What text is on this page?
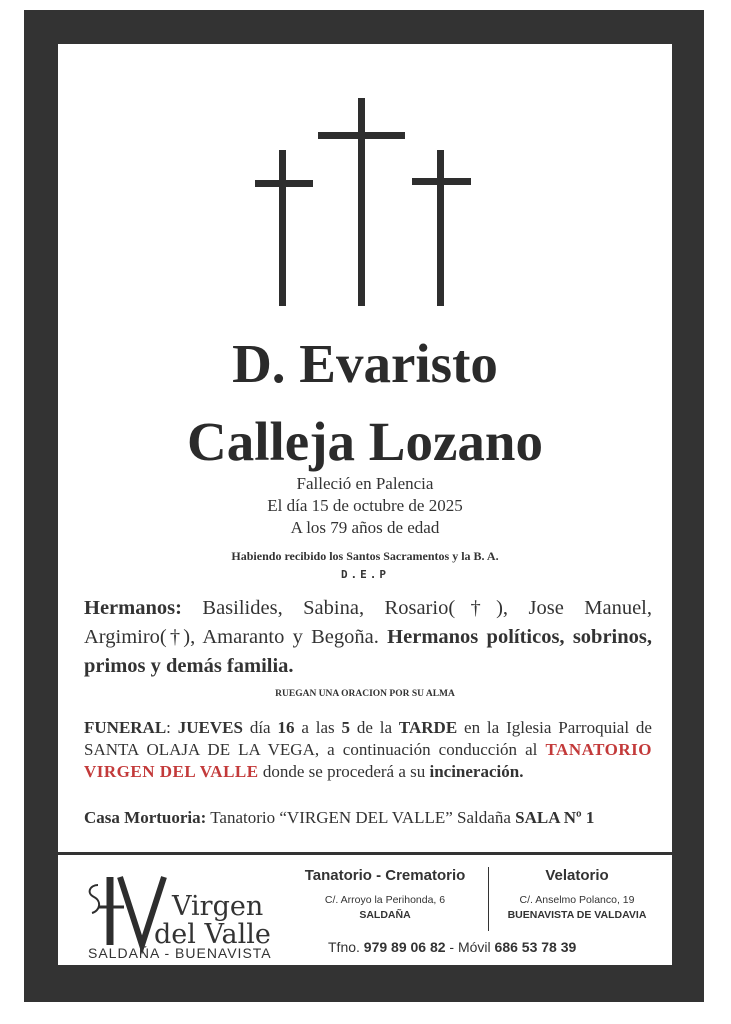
D. Evaristo
Calleja Lozano
Falleció en Palencia
El día 15 de octubre de 2025
A los 79 años de edad
Habiendo recibido los Santos Sacramentos y la B. A.
D.E.P
Hermanos: Basilides, Sabina, Rosario(†), Jose Manuel, Argimiro(†), Amaranto y Begoña. Hermanos políticos, sobrinos, primos y demás familia.
RUEGAN UNA ORACION POR SU ALMA
FUNERAL: JUEVES día 16 a las 5 de la TARDE en la Iglesia Parroquial de SANTA OLAJA DE LA VEGA, a continuación conducción al TANATORIO VIRGEN DEL VALLE donde se procederá a su incineración.
Casa Mortuoria: Tanatorio “VIRGEN DEL VALLE” Saldaña SALA Nº 1
Virgen
del Valle
SALDAÑA - BUENAVISTA
Tanatorio - Crematorio
C/. Arroyo la Perihonda, 6
SALDAÑA
Velatorio
C/. Anselmo Polanco, 19
BUENAVISTA DE VALDAVIA
Tfno. 979 89 06 82 - Móvil 686 53 78 39
